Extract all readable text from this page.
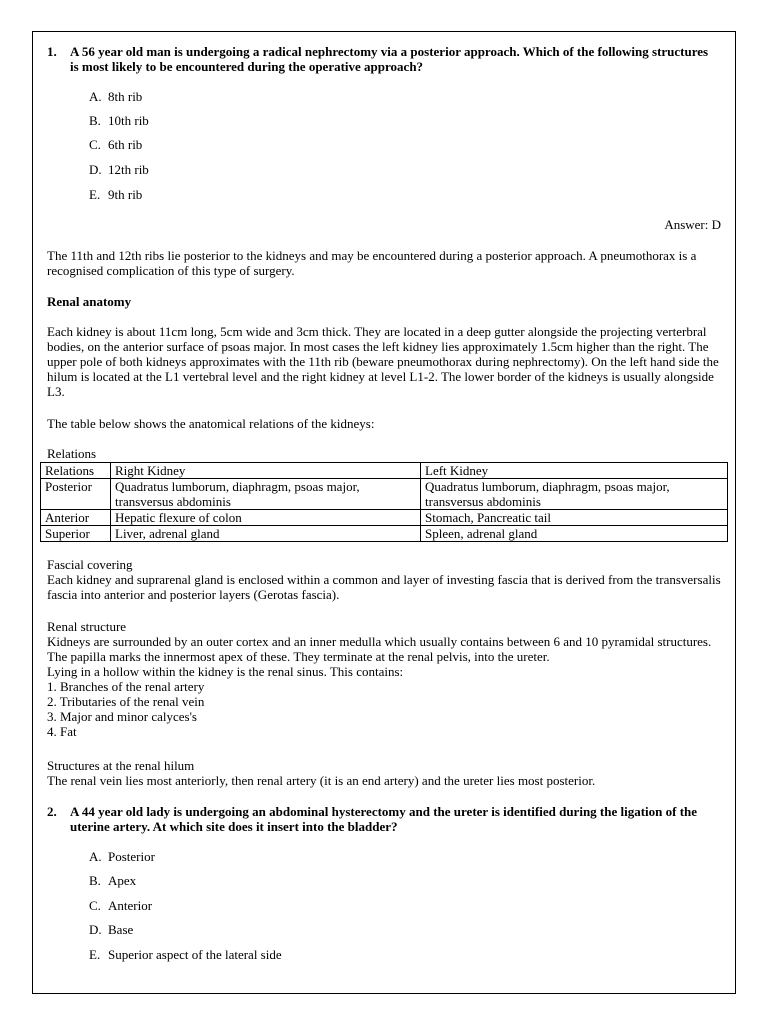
1. A 56 year old man is undergoing a radical nephrectomy via a posterior approach. Which of the following structures is most likely to be encountered during the operative approach?
A. 8th rib
B. 10th rib
C. 6th rib
D. 12th rib
E. 9th rib
Answer: D
The 11th and 12th ribs lie posterior to the kidneys and may be encountered during a posterior approach. A pneumothorax is a recognised complication of this type of surgery.
Renal anatomy
Each kidney is about 11cm long, 5cm wide and 3cm thick. They are located in a deep gutter alongside the projecting verterbral bodies, on the anterior surface of psoas major. In most cases the left kidney lies approximately 1.5cm higher than the right. The upper pole of both kidneys approximates with the 11th rib (beware pneumothorax during nephrectomy). On the left hand side the hilum is located at the L1 vertebral level and the right kidney at level L1-2. The lower border of the kidneys is usually alongside L3.
The table below shows the anatomical relations of the kidneys:
Relations
Relations	Right Kidney	Left Kidney
Posterior	Quadratus lumborum, diaphragm, psoas major, transversus abdominis	Quadratus lumborum, diaphragm, psoas major, transversus abdominis
Anterior	Hepatic flexure of colon	Stomach, Pancreatic tail
Superior	Liver, adrenal gland	Spleen, adrenal gland
Fascial covering
Each kidney and suprarenal gland is enclosed within a common and layer of investing fascia that is derived from the transversalis fascia into anterior and posterior layers (Gerotas fascia).
Renal structure
Kidneys are surrounded by an outer cortex and an inner medulla which usually contains between 6 and 10 pyramidal structures. The papilla marks the innermost apex of these. They terminate at the renal pelvis, into the ureter.
Lying in a hollow within the kidney is the renal sinus. This contains:
1. Branches of the renal artery
2. Tributaries of the renal vein
3. Major and minor calyces's
4. Fat
Structures at the renal hilum
The renal vein lies most anteriorly, then renal artery (it is an end artery) and the ureter lies most posterior.
2. A 44 year old lady is undergoing an abdominal hysterectomy and the ureter is identified during the ligation of the uterine artery. At which site does it insert into the bladder?
A. Posterior
B. Apex
C. Anterior
D. Base
E. Superior aspect of the lateral side
